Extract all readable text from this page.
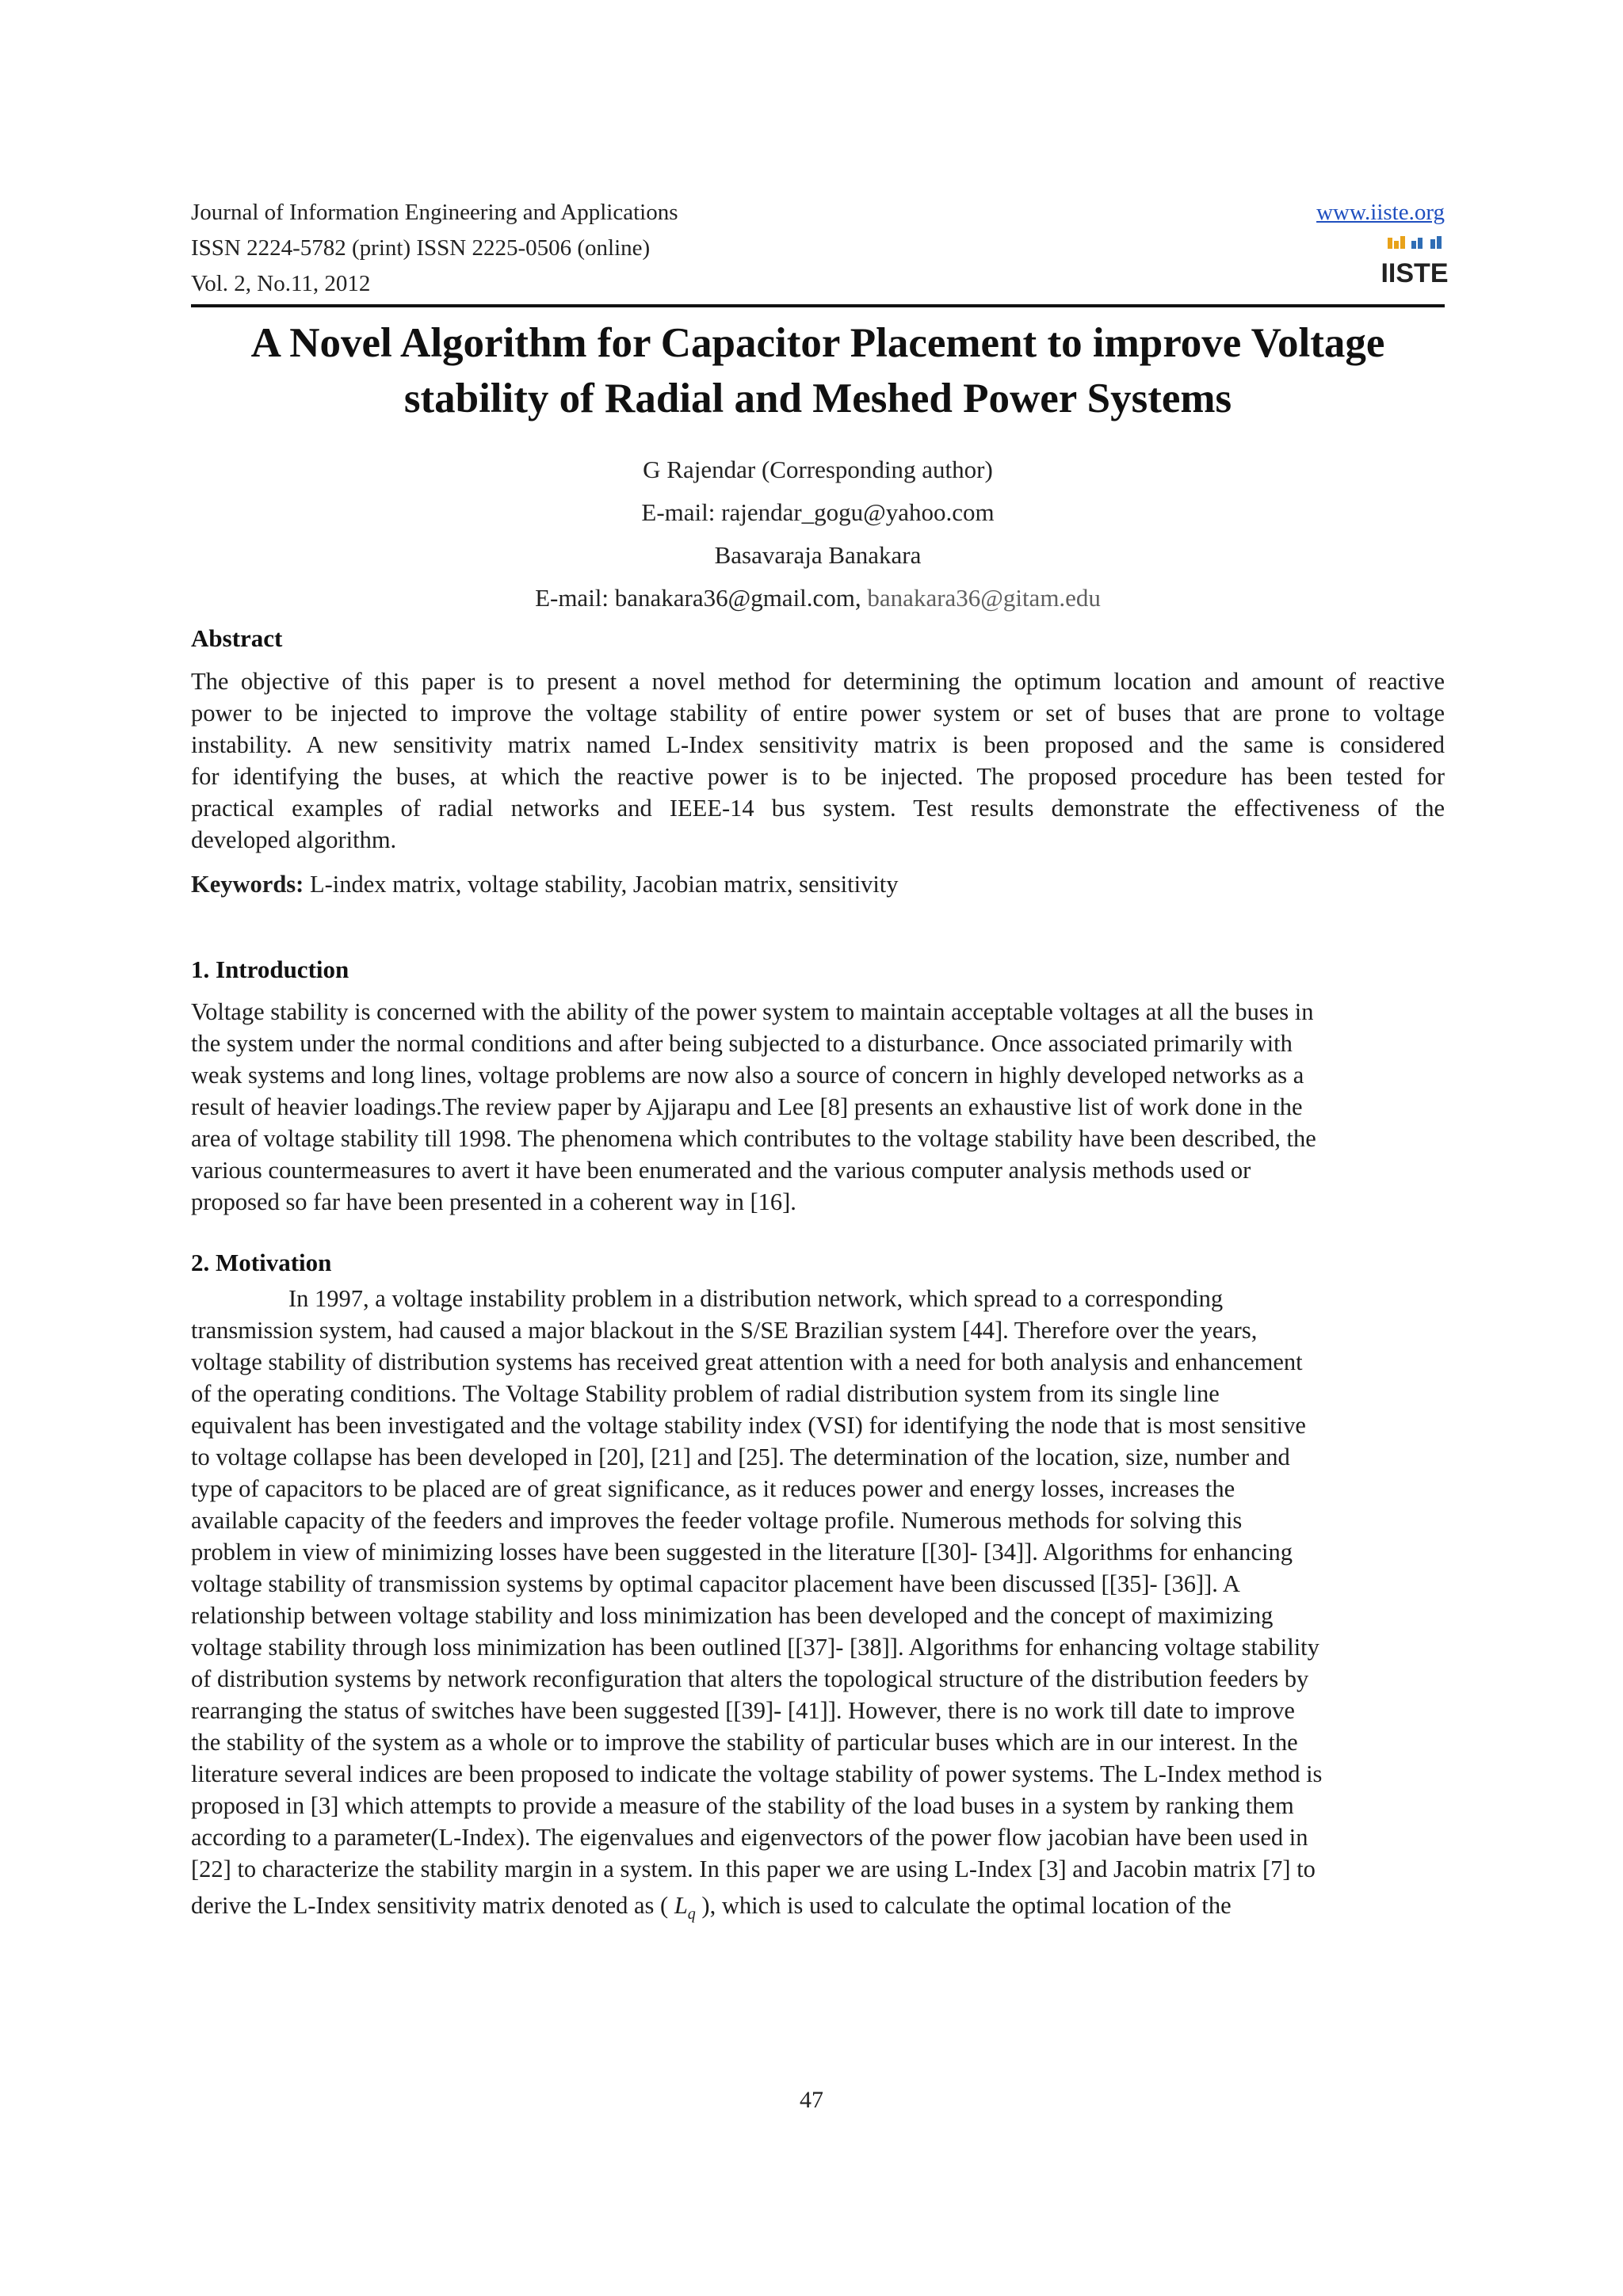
Journal of Information Engineering and Applications
ISSN 2224-5782 (print) ISSN 2225-0506 (online)
Vol. 2, No.11, 2012
www.iiste.org
IISTE
A Novel Algorithm for Capacitor Placement to improve Voltage
stability of Radial and Meshed Power Systems
G Rajendar (Corresponding author)
E-mail: rajendar_gogu@yahoo.com
Basavaraja Banakara
E-mail: banakara36@gmail.com, banakara36@gitam.edu
Abstract
The objective of this paper is to present a novel method for determining the optimum location and amount of reactive
power to be injected to improve the voltage stability of entire power system or set of buses that are prone to voltage
instability. A new sensitivity matrix named L-Index sensitivity matrix is been proposed and the same is considered
for identifying the buses, at which the reactive power is to be injected. The proposed procedure has been tested for
practical examples of radial networks and IEEE-14 bus system. Test results demonstrate the effectiveness of the
developed algorithm.
Keywords: L-index matrix, voltage stability, Jacobian matrix, sensitivity
1. Introduction
Voltage stability is concerned with the ability of the power system to maintain acceptable voltages at all the buses in
the system under the normal conditions and after being subjected to a disturbance. Once associated primarily with
weak systems and long lines, voltage problems are now also a source of concern in highly developed networks as a
result of heavier loadings.The review paper by Ajjarapu and Lee [8] presents an exhaustive list of work done in the
area of voltage stability till 1998. The phenomena which contributes to the voltage stability have been described, the
various countermeasures to avert it have been enumerated and the various computer analysis methods used or
proposed so far have been presented in a coherent way in [16].
2. Motivation
In 1997, a voltage instability problem in a distribution network, which spread to a corresponding
transmission system, had caused a major blackout in the S/SE Brazilian system [44]. Therefore over the years,
voltage stability of distribution systems has received great attention with a need for both analysis and enhancement
of the operating conditions. The Voltage Stability problem of radial distribution system from its single line
equivalent has been investigated and the voltage stability index (VSI) for identifying the node that is most sensitive
to voltage collapse has been developed in [20], [21] and [25]. The determination of the location, size, number and
type of capacitors to be placed are of great significance, as it reduces power and energy losses, increases the
available capacity of the feeders and improves the feeder voltage profile. Numerous methods for solving this
problem in view of minimizing losses have been suggested in the literature [[30]- [34]]. Algorithms for enhancing
voltage stability of transmission systems by optimal capacitor placement have been discussed [[35]- [36]]. A
relationship between voltage stability and loss minimization has been developed and the concept of maximizing
voltage stability through loss minimization has been outlined [[37]- [38]]. Algorithms for enhancing voltage stability
of distribution systems by network reconfiguration that alters the topological structure of the distribution feeders by
rearranging the status of switches have been suggested [[39]- [41]]. However, there is no work till date to improve
the stability of the system as a whole or to improve the stability of particular buses which are in our interest. In the
literature several indices are been proposed to indicate the voltage stability of power systems. The L-Index method is
proposed in [3] which attempts to provide a measure of the stability of the load buses in a system by ranking them
according to a parameter(L-Index). The eigenvalues and eigenvectors of the power flow jacobian have been used in
[22] to characterize the stability margin in a system. In this paper we are using L-Index [3] and Jacobin matrix [7] to
derive the L-Index sensitivity matrix denoted as ( $L_q$ ), which is used to calculate the optimal location of the
47
